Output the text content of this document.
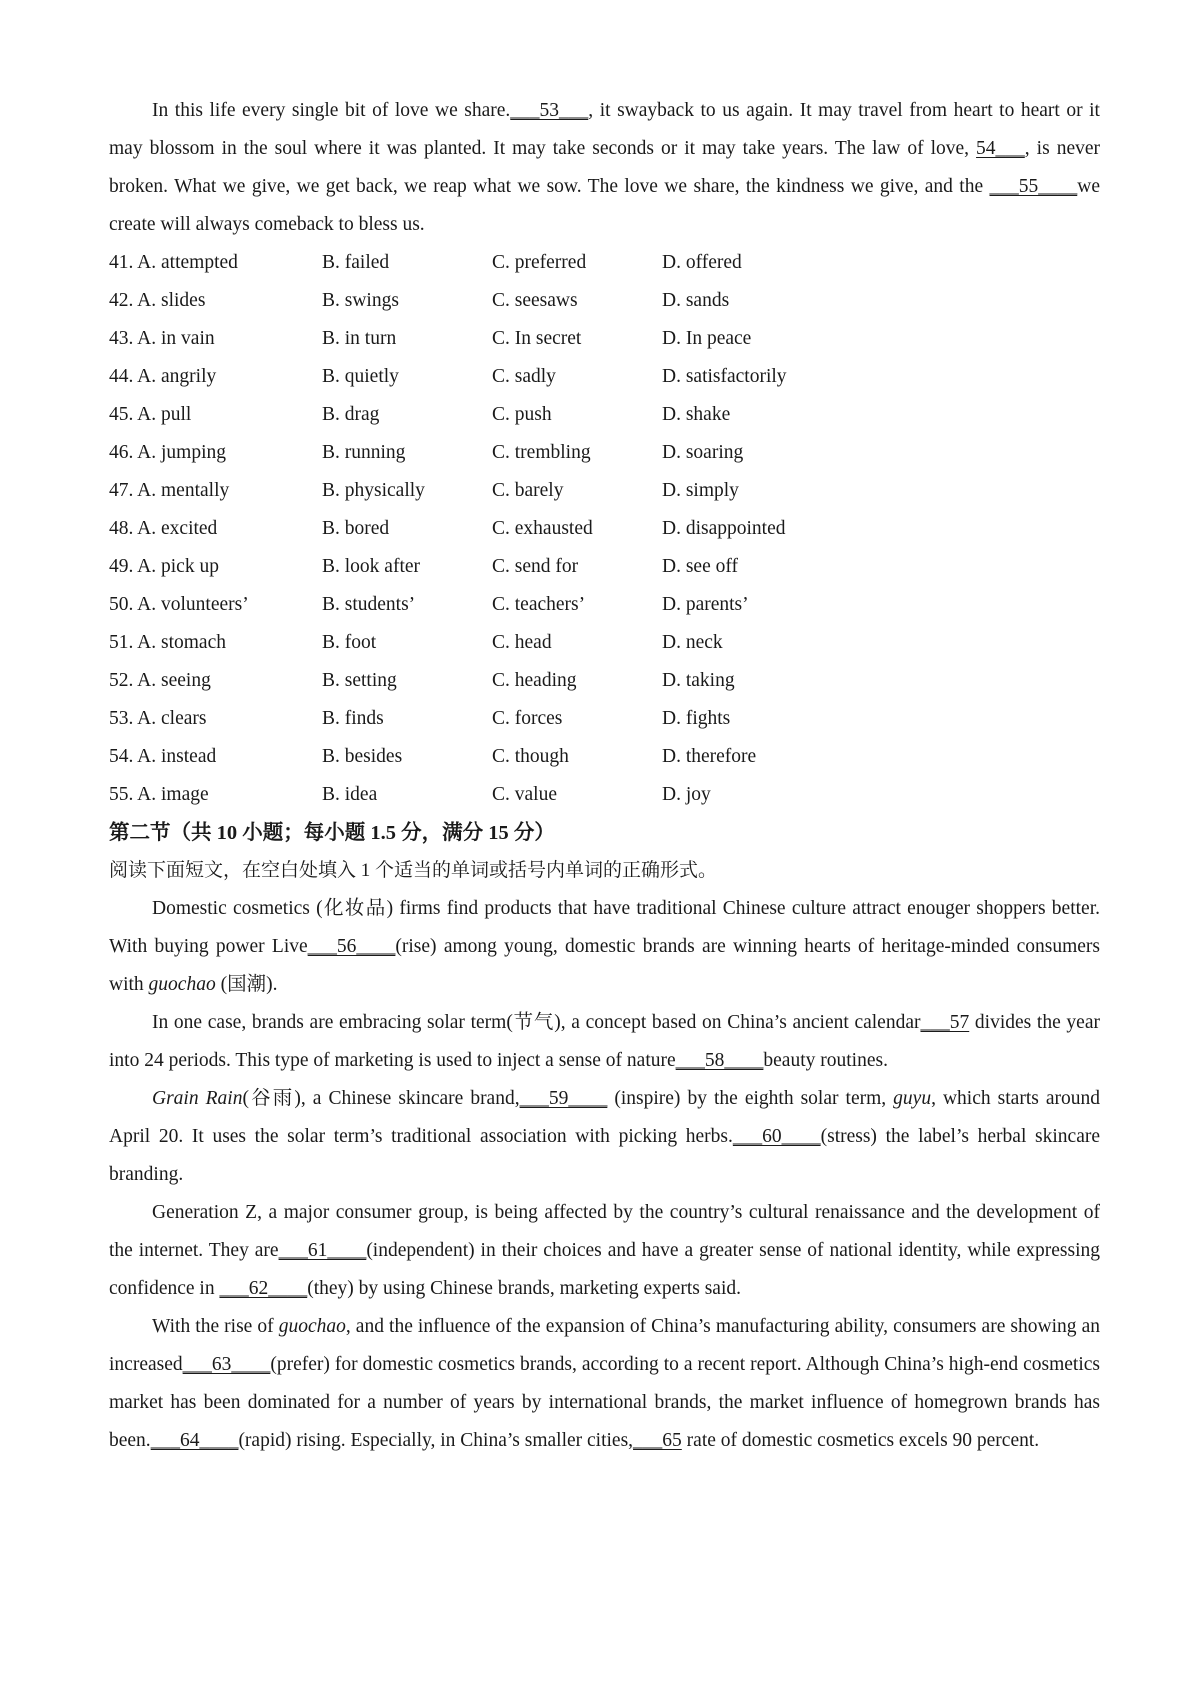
In this life every single bit of love we share.___53___, it swayback to us again. It may travel from heart to heart or it may blossom in the soul where it was planted. It may take seconds or it may take years. The law of love, 54___, is never broken. What we give, we get back, we reap what we sow. The love we share, the kindness we give, and the ___55____we create will always comeback to bless us.

41. A. attempted	B. failed	C. preferred	D. offered
42. A. slides	B. swings	C. seesaws	D. sands
43. A. in vain	B. in turn	C. In secret	D. In peace
44. A. angrily	B. quietly	C. sadly	D. satisfactorily
45. A. pull	B. drag	C. push	D. shake
46. A. jumping	B. running	C. trembling	D. soaring
47. A. mentally	B. physically	C. barely	D. simply
48. A. excited	B. bored	C. exhausted	D. disappointed
49. A. pick up	B. look after	C. send for	D. see off
50. A. volunteers’	B. students’	C. teachers’	D. parents’
51. A. stomach	B. foot	C. head	D. neck
52. A. seeing	B. setting	C. heading	D. taking
53. A. clears	B. finds	C. forces	D. fights
54. A. instead	B. besides	C. though	D. therefore
55. A. image	B. idea	C. value	D. joy

第二节（共 10 小题；每小题 1.5 分，满分 15 分）

阅读下面短文，在空白处填入 1 个适当的单词或括号内单词的正确形式。

Domestic cosmetics (化妆品) firms find products that have traditional Chinese culture attract enouger shoppers better. With buying power Live___56____(rise) among young, domestic brands are winning hearts of heritage-minded consumers with guochao (国潮).

In one case, brands are embracing solar term(节气), a concept based on China’s ancient calendar___57 divides the year into 24 periods. This type of marketing is used to inject a sense of nature___58____beauty routines.

Grain Rain(谷雨), a Chinese skincare brand,___59____ (inspire) by the eighth solar term, guyu, which starts around April 20. It uses the solar term’s traditional association with picking herbs.___60____(stress) the label’s herbal skincare branding.

Generation Z, a major consumer group, is being affected by the country’s cultural renaissance and the development of the internet. They are___61____(independent) in their choices and have a greater sense of national identity, while expressing confidence in ___62____(they) by using Chinese brands, marketing experts said.

With the rise of guochao, and the influence of the expansion of China’s manufacturing ability, consumers are showing an increased___63____(prefer) for domestic cosmetics brands, according to a recent report. Although China’s high-end cosmetics market has been dominated for a number of years by international brands, the market influence of homegrown brands has been.___64____(rapid) rising. Especially, in China’s smaller cities,___65 rate of domestic cosmetics excels 90 percent.
